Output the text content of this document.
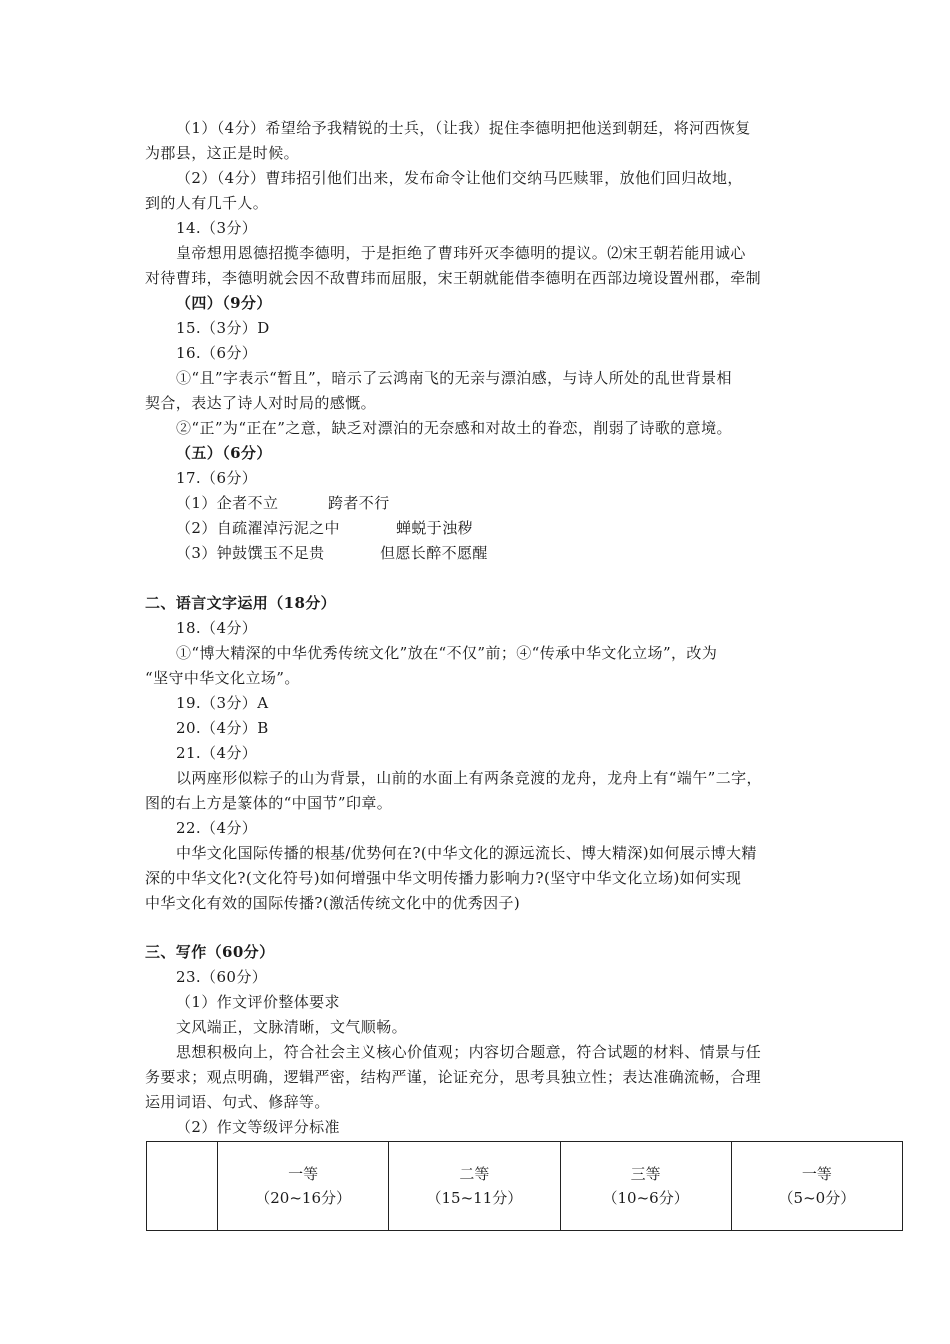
（1）（4分）希望给予我精锐的士兵，（让我）捉住李德明把他送到朝廷，将河西恢复
为郡县，这正是时候。
（2）（4分）曹玮招引他们出来，发布命令让他们交纳马匹赎罪，放他们回归故地，
到的人有几千人。
14.（3分）
皇帝想用恩德招揽李德明，于是拒绝了曹玮歼灭李德明的提议。⑵宋王朝若能用诚心
对待曹玮，李德明就会因不敌曹玮而屈服，宋王朝就能借李德明在西部边境设置州郡，牵制
（四）（9分）
15.（3分）D
16.（6分）
①“且”字表示“暂且”，暗示了云鸿南飞的无亲与漂泊感，与诗人所处的乱世背景相
契合，表达了诗人对时局的感慨。
②“正”为“正在”之意，缺乏对漂泊的无奈感和对故土的眷恋，削弱了诗歌的意境。
（五）（6分）
17.（6分）
（1）企者不立	跨者不行
（2）自疏濯淖污泥之中	蝉蜕于浊秽
（3）钟鼓馔玉不足贵	但愿长醉不愿醒
二、语言文字运用（18分）
18.（4分）
①“博大精深的中华优秀传统文化”放在“不仅”前；④“传承中华文化立场”，改为
“坚守中华文化立场”。
19.（3分）A
20.（4分）B
21.（4分）
以两座形似粽子的山为背景，山前的水面上有两条竞渡的龙舟，龙舟上有“端午”二字，
图的右上方是篆体的“中国节”印章。
22.（4分）
中华文化国际传播的根基/优势何在?(中华文化的源远流长、博大精深)如何展示博大精
深的中华文化?(文化符号)如何增强中华文明传播力影响力?(坚守中华文化立场)如何实现
中华文化有效的国际传播?(激活传统文化中的优秀因子)
三、写作（60分）
23.（60分）
（1）作文评价整体要求
文风端正，文脉清晰，文气顺畅。
思想积极向上，符合社会主义核心价值观；内容切合题意，符合试题的材料、情景与任
务要求；观点明确，逻辑严密，结构严谨，论证充分，思考具独立性；表达准确流畅，合理
运用词语、句式、修辞等。
（2）作文等级评分标准

一等
（20~16分）

二等
（15~11分）

三等
（10~6分）

一等
（5~0分）
